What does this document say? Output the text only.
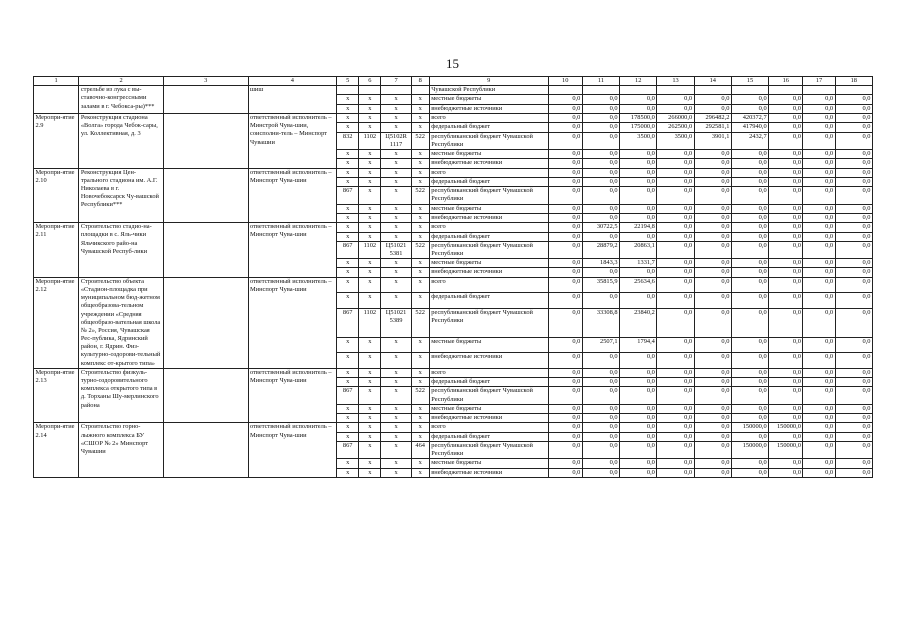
15
1	2	3	4	5	6	7	8	9	10	11	12	13	14	15	16	17	18
	стрельбе из лука с вы-ставочно-конгрессными залами в г. Чебокса-ры)***		шиш					Чувашской Республики									
				x	x	x	x	местные бюджеты	0,0	0,0	0,0	0,0	0,0	0,0	0,0	0,0	0,0
				x	x	x	x	внебюджетные источники	0,0	0,0	0,0	0,0	0,0	0,0	0,0	0,0	0,0
Меропри-ятие 2.9	Реконструкция стадиона «Волга» города Чебок-сары, ул. Коллективная, д. 3		ответственный исполнитель – Минстрой Чува-шии, соисполни-тель – Минспорт Чувашии	x	x	x	x	всего	0,0	0,0	178500,0	266000,0	296482,2	420372,7	0,0	0,0	0,0
				x	x	x	x	федеральный бюджет	0,0	0,0	175000,0	262500,0	292581,1	417940,0	0,0	0,0	0,0
				832	1102	Ц5102R 1117	522	республиканский бюджет Чувашской Республики	0,0	0,0	3500,0	3500,0	3901,1	2432,7	0,0	0,0	0,0
				x	x	x	x	местные бюджеты	0,0	0,0	0,0	0,0	0,0	0,0	0,0	0,0	0,0
				x	x	x	x	внебюджетные источники	0,0	0,0	0,0	0,0	0,0	0,0	0,0	0,0	0,0
Меропри-ятие 2.10	Реконструкция Цен-трального стадиона им. А.Г. Николаева в г. Новочебоксарск Чу-вашской Республики***		ответственный исполнитель – Минспорт Чува-шии	x	x	x	x	всего	0,0	0,0	0,0	0,0	0,0	0,0	0,0	0,0	0,0
				x	x	x	x	федеральный бюджет	0,0	0,0	0,0	0,0	0,0	0,0	0,0	0,0	0,0
				867	x	x	522	республиканский бюджет Чувашской Республики	0,0	0,0	0,0	0,0	0,0	0,0	0,0	0,0	0,0
				x	x	x	x	местные бюджеты	0,0	0,0	0,0	0,0	0,0	0,0	0,0	0,0	0,0
				x	x	x	x	внебюджетные источники	0,0	0,0	0,0	0,0	0,0	0,0	0,0	0,0	0,0
Меропри-ятие 2.11	Строительство стадио-на-площадки в с. Яль-чики Яльчикского райо-на Чувашской Респуб-лики		ответственный исполнитель – Минспорт Чува-шии	x	x	x	x	всего	0,0	30722,5	22194,8	0,0	0,0	0,0	0,0	0,0	0,0
				x	x	x	x	федеральный бюджет	0,0	0,0	0,0	0,0	0,0	0,0	0,0	0,0	0,0
				867	1102	Ц51021 5381	522	республиканский бюджет Чувашской Республики	0,0	28879,2	20863,1	0,0	0,0	0,0	0,0	0,0	0,0
				x	x	x	x	местные бюджеты	0,0	1843,3	1331,7	0,0	0,0	0,0	0,0	0,0	0,0
				x	x	x	x	внебюджетные источники	0,0	0,0	0,0	0,0	0,0	0,0	0,0	0,0	0,0
Меропри-ятие 2.12	Строительство объекта «Стадион-площадка при муниципальном бюд-жетном общеобразова-тельном учреждении «Средняя общеобразо-вательная школа № 2», Россия, Чувашская Рес-публика, Ядринский район, г. Ядрин. Физ-культурно-оздорови-тельный комплекс от-крытого типа»		ответственный исполнитель – Минспорт Чува-шии	x	x	x	x	всего	0,0	35815,9	25634,6	0,0	0,0	0,0	0,0	0,0	0,0
				x	x	x	x	федеральный бюджет	0,0	0,0	0,0	0,0	0,0	0,0	0,0	0,0	0,0
				867	1102	Ц51021 5389	522	республиканский бюджет Чувашской Республики	0,0	33308,8	23840,2	0,0	0,0	0,0	0,0	0,0	0,0
				x	x	x	x	местные бюджеты	0,0	2507,1	1794,4	0,0	0,0	0,0	0,0	0,0	0,0
				x	x	x	x	внебюджетные источники	0,0	0,0	0,0	0,0	0,0	0,0	0,0	0,0	0,0
Меропри-ятие 2.13	Строительство физкуль-турно-оздоровительного комплекса открытого типа в д. Торханы Шу-мерлинского района		ответственный исполнитель – Минспорт Чува-шии	x	x	x	x	всего	0,0	0,0	0,0	0,0	0,0	0,0	0,0	0,0	0,0
				x	x	x	x	федеральный бюджет	0,0	0,0	0,0	0,0	0,0	0,0	0,0	0,0	0,0
				867	x	x	522	республиканский бюджет Чувашской Республики	0,0	0,0	0,0	0,0	0,0	0,0	0,0	0,0	0,0
				x	x	x	x	местные бюджеты	0,0	0,0	0,0	0,0	0,0	0,0	0,0	0,0	0,0
				x	x	x	x	внебюджетные источники	0,0	0,0	0,0	0,0	0,0	0,0	0,0	0,0	0,0
Меропри-ятие 2.14	Строительство горно-лыжного комплекса БУ «СШОР № 2» Минспорт Чувашии		ответственный исполнитель – Минспорт Чува-шии	x	x	x	x	всего	0,0	0,0	0,0	0,0	0,0	150000,0	150000,0	0,0	0,0
				x	x	x	x	федеральный бюджет	0,0	0,0	0,0	0,0	0,0	0,0	0,0	0,0	0,0
				867	x	x	464	республиканский бюджет Чувашской Республики	0,0	0,0	0,0	0,0	0,0	150000,0	150000,0	0,0	0,0
				x	x	x	x	местные бюджеты	0,0	0,0	0,0	0,0	0,0	0,0	0,0	0,0	0,0
				x	x	x	x	внебюджетные источники	0,0	0,0	0,0	0,0	0,0	0,0	0,0	0,0	0,0
